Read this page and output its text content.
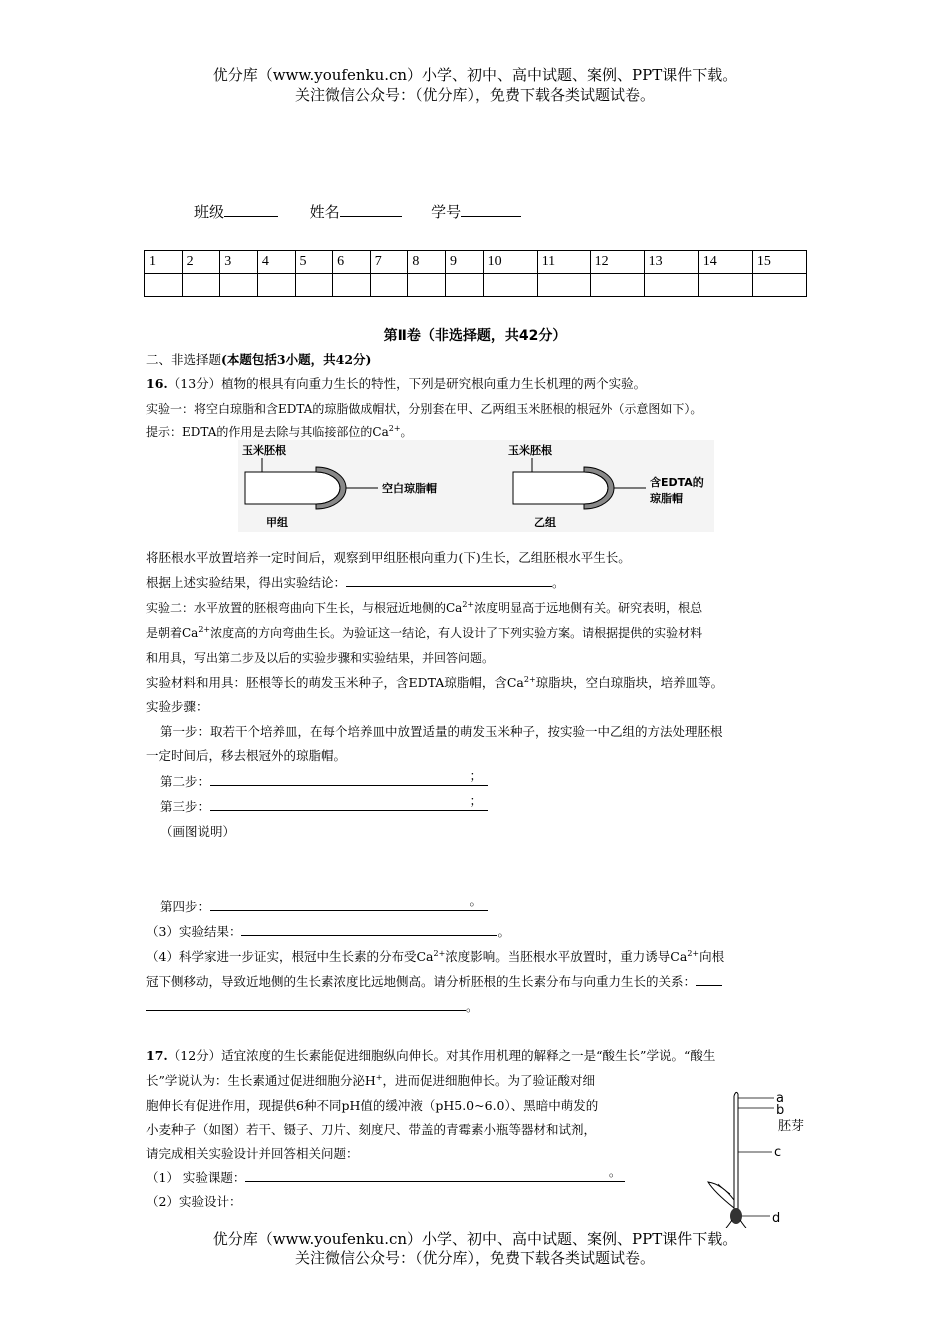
优分库（www.youfenku.cn）小学、初中、高中试题、案例、PPT课件下载。
关注微信公众号：（优分库），免费下载各类试题试卷。
班级	姓名	学号
1	2	3	4	5	6	7	8	9	10	11	12	13	14	15

第Ⅱ卷（非选择题，共42分）
二、非选择题(本题包括3小题，共42分)
16.（13分）植物的根具有向重力生长的特性，下列是研究根向重力生长机理的两个实验。
实验一：将空白琼脂和含EDTA的琼脂做成帽状，分别套在甲、乙两组玉米胚根的根冠外（示意图如下）。
提示：EDTA的作用是去除与其临接部位的$Ca^{2+}$。
玉米胚根
空白琼脂帽
甲组
玉米胚根
含EDTA的
琼脂帽
乙组
将胚根水平放置培养一定时间后，观察到甲组胚根向重力(下)生长，乙组胚根水平生长。
根据上述实验结果，得出实验结论：	。
实验二：水平放置的胚根弯曲向下生长，与根冠近地侧的$Ca^{2+}$浓度明显高于远地侧有关。研究表明，根总
是朝着$Ca^{2+}$浓度高的方向弯曲生长。为验证这一结论，有人设计了下列实验方案。请根据提供的实验材料
和用具，写出第二步及以后的实验步骤和实验结果，并回答问题。
实验材料和用具：胚根等长的萌发玉米种子，含EDTA琼脂帽，含$Ca^{2+}$琼脂块，空白琼脂块，培养皿等。
实验步骤：
第一步：取若干个培养皿，在每个培养皿中放置适量的萌发玉米种子，按实验一中乙组的方法处理胚根
一定时间后，移去根冠外的琼脂帽。
第二步：	；
第三步：	；
（画图说明）
第四步：	。
（3）实验结果：	。
（4）科学家进一步证实，根冠中生长素的分布受$Ca^{2+}$浓度影响。当胚根水平放置时，重力诱导$Ca^{2+}$向根
冠下侧移动，导致近地侧的生长素浓度比远地侧高。请分析胚根的生长素分布与向重力生长的关系：
。
17.（12分）适宜浓度的生长素能促进细胞纵向伸长。对其作用机理的解释之一是“酸生长”学说。“酸生
长”学说认为：生长素通过促进细胞分泌H+，进而促进细胞伸长。为了验证酸对细
胞伸长有促进作用，现提供6种不同pH值的缓冲液（pH5.0~6.0）、黑暗中萌发的
小麦种子（如图）若干、镊子、刀片、刻度尺、带盖的青霉素小瓶等器材和试剂，
请完成相关实验设计并回答相关问题：
（1） 实验课题：	。
（2）实验设计：
a
b
胚芽
c
d
优分库（www.youfenku.cn）小学、初中、高中试题、案例、PPT课件下载。
关注微信公众号：（优分库），免费下载各类试题试卷。
